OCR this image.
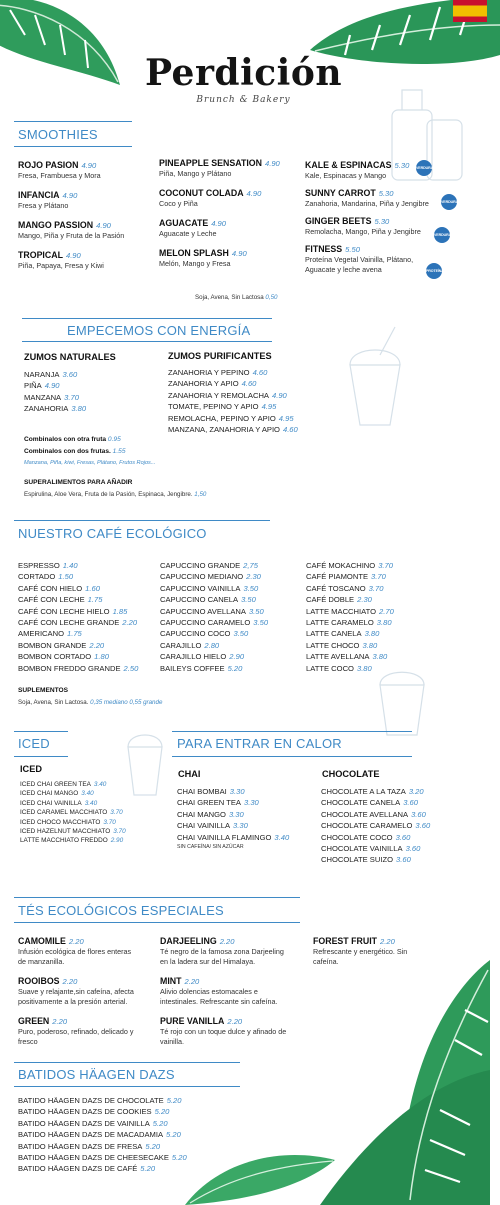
Perdición
Brunch & Bakery
SMOOTHIES
ROJO PASION 4.90
Fresa, Frambuesa y Mora
INFANCIA 4.90
Fresa y Plátano
MANGO PASSION 4.90
Mango, Piña y Fruta de la Pasión
TROPICAL 4.90
Piña, Papaya, Fresa y Kiwi
PINEAPPLE SENSATION 4.90
Piña, Mango y Plátano
COCONUT COLADA 4.90
Coco y Piña
AGUACATE 4.90
Aguacate y Leche
MELON SPLASH 4.90
Melón, Mango y Fresa
KALE & ESPINACAS 5.30
Kale, Espinacas y Mango
SUNNY CARROT 5.30
Zanahoria, Mandarina, Piña y Jengibre
GINGER BEETS 5.30
Remolacha, Mango, Piña y Jengibre
FITNESS 5.50
Proteína Vegetal Vainilla, Plátano, Aguacate y leche avena
VERDURAS
VERDURAS
VERDURAS
PROTEÍNA
Soja, Avena, Sin Lactosa 0,50
EMPECEMOS CON ENERGÍA
ZUMOS NATURALES
NARANJA 3.60
PIÑA 4.90
MANZANA 3.70
ZANAHORIA 3.80
ZUMOS PURIFICANTES
ZANAHORIA Y PEPINO 4.60
ZANAHORIA Y APIO 4.60
ZANAHORIA Y REMOLACHA 4.90
TOMATE, PEPINO Y APIO 4.95
REMOLACHA, PEPINO Y APIO 4.95
MANZANA, ZANAHORIA Y APIO 4.60
Combinalos con otra fruta 0.95
Combinalos con dos frutas. 1.55
Manzana, Piña, kiwi, Fresas, Plátano, Frutos Rojos...
SUPERALIMENTOS PARA AÑADIR
Espirulina, Aloe Vera, Fruta de la Pasión, Espinaca, Jengibre. 1,50
NUESTRO CAFÉ ECOLÓGICO
ESPRESSO 1.40
CORTADO 1.50
CAFÉ CON HIELO 1.60
CAFÉ CON LECHE 1.75
CAFÉ CON LECHE HIELO 1.85
CAFÉ CON LECHE GRANDE 2.20
AMERICANO 1.75
BOMBON GRANDE 2.20
BOMBON CORTADO 1.80
BOMBON FREDDO GRANDE 2.50
CAPUCCINO GRANDE 2,75
CAPUCCINO MEDIANO 2.30
CAPUCCINO VAINILLA 3.50
CAPUCCINO CANELA 3.50
CAPUCCINO AVELLANA 3.50
CAPUCCINO CARAMELO 3.50
CAPUCCINO COCO 3.50
CARAJILLO 2.80
CARAJILLO HIELO 2.90
BAILEYS COFFEE 5.20
CAFÉ MOKACHINO 3.70
CAFÉ PIAMONTE 3.70
CAFÉ TOSCANO 3.70
CAFÉ DOBLE 2.30
LATTE MACCHIATO 2.70
LATTE CARAMELO 3.80
LATTE CANELA 3.80
LATTE CHOCO 3.80
LATTE AVELLANA 3.80
LATTE COCO 3.80
SUPLEMENTOS
Soja, Avena, Sin Lactosa. 0,35 mediano 0,55 grande
ICED
ICED
ICED CHAI GREEN TEA 3.40
ICED CHAI MANGO 3.40
ICED CHAI VAINILLA 3.40
ICED CARAMEL MACCHIATO 3.70
ICED CHOCO MACCHIATO 3.70
ICED HAZELNUT MACCHIATO 3.70
LATTE MACCHIATO FREDDO 2.90
PARA ENTRAR EN CALOR
CHAI
CHAI BOMBAI 3.30
CHAI GREEN TEA 3.30
CHAI MANGO 3.30
CHAI VAINILLA 3.30
CHAI VAINILLA FLAMINGO 3.40
SIN CAFEÍNA/ SIN AZÚCAR
CHOCOLATE
CHOCOLATE A LA TAZA 3.20
CHOCOLATE CANELA 3.60
CHOCOLATE AVELLANA 3.60
CHOCOLATE CARAMELO 3.60
CHOCOLATE COCO 3.60
CHOCOLATE VAINILLA 3.60
CHOCOLATE SUIZO 3.60
TÉS ECOLÓGICOS ESPECIALES
CAMOMILE 2.20
Infusión ecológica de flores enteras de manzanilla.
ROOIBOS 2.20
Suave y relajante,sin cafeína, afecta positivamente a la presión arterial.
GREEN 2.20
Puro, poderoso, refinado, delicado y fresco
DARJEELING 2.20
Té negro de la famosa zona Darjeeling en la ladera sur del Himalaya.
MINT 2.20
Alivio dolencias estomacales e intestinales. Refrescante sin cafeína.
PURE VANILLA 2.20
Té rojo con un toque dulce y afinado de vainilla.
FOREST FRUIT 2.20
Refrescante y energético. Sin cafeína.
BATIDOS HÄAGEN DAZS
BATIDO HÄAGEN DAZS DE CHOCOLATE 5.20
BATIDO HÄAGEN DAZS DE COOKIES 5.20
BATIDO HÄAGEN DAZS DE VAINILLA 5.20
BATIDO HÄAGEN DAZS DE MACADAMIA 5.20
BATIDO HÄAGEN DAZS DE FRESA 5.20
BATIDO HÄAGEN DAZS DE CHEESECAKE 5.20
BATIDO HÄAGEN DAZS DE CAFÉ 5.20
